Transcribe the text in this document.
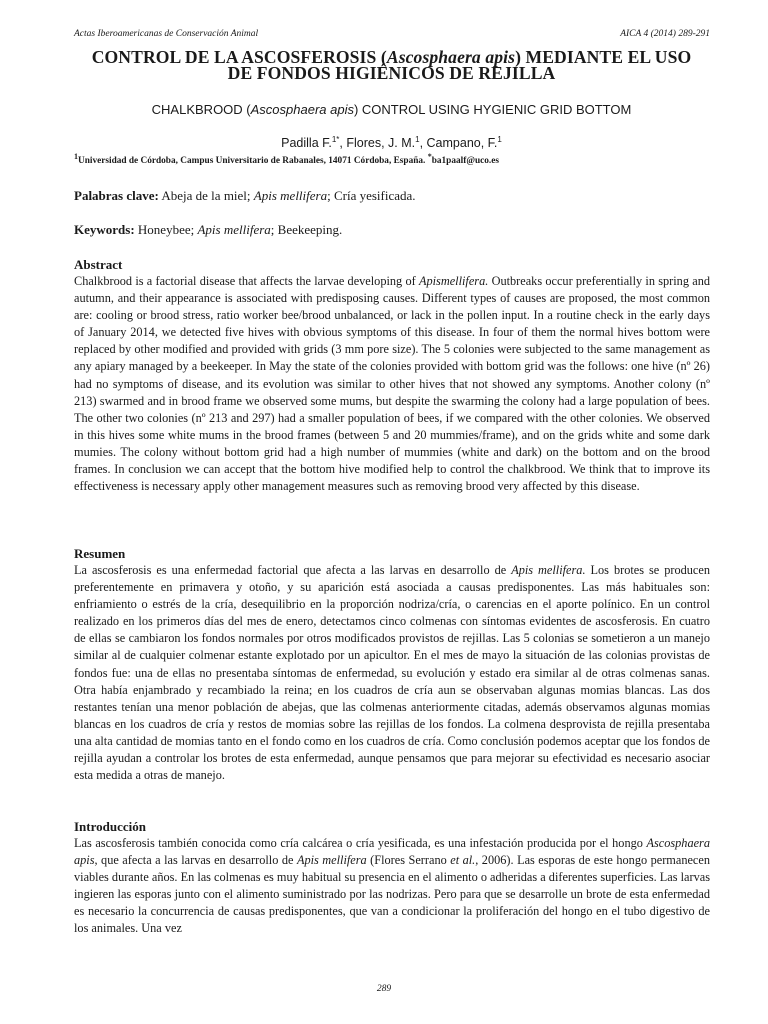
Actas Iberoamericanas de Conservación Animal	AICA 4 (2014) 289-291
CONTROL DE LA ASCOSFEROSIS (Ascosphaera apis) MEDIANTE EL USO
DE FONDOS HIGIÉNICOS DE REJILLA
CHALKBROOD (Ascosphaera apis) CONTROL USING HYGIENIC GRID BOTTOM
Padilla F.$^{1*}$, Flores, J. M.$^1$, Campano, F.$^1$
$^1$Universidad de Córdoba, Campus Universitario de Rabanales, 14071 Córdoba, España. *ba1paalf@uco.es
Palabras clave: Abeja de la miel; Apis mellifera; Cría yesificada.
Keywords: Honeybee; Apis mellifera; Beekeeping.
Abstract

Chalkbrood is a factorial disease that affects the larvae developing of Apismellifera. Outbreaks occur preferentially in spring and autumn, and their appearance is associated with predisposing causes. Different types of causes are proposed, the most common are: cooling or brood stress, ratio worker bee/brood unbalanced, or lack in the pollen input. In a routine check in the early days of January 2014, we detected five hives with obvious symptoms of this disease. In four of them the normal hives bottom were replaced by other modified and provided with grids (3 mm pore size). The 5 colonies were subjected to the same management as any apiary managed by a beekeeper. In May the state of the colonies provided with bottom grid was the follows: one hive (nº 26) had no symptoms of disease, and its evolution was similar to other hives that not showed any symptoms. Another colony (nº 213) swarmed and in brood frame we observed some mums, but despite the swarming the colony had a large population of bees. The other two colonies (nº 213 and 297) had a smaller population of bees, if we compared with the other colonies. We observed in this hives some white mums in the brood frames (between 5 and 20 mummies/frame), and on the grids white and some dark mumies. The colony without bottom grid had a high number of mummies (white and dark) on the bottom and on the brood frames. In conclusion we can accept that the bottom hive modified help to control the chalkbrood. We think that to improve its effectiveness is necessary apply other management measures such as removing brood very affected by this disease.

Resumen

La ascosferosis es una enfermedad factorial que afecta a las larvas en desarrollo de Apis mellifera. Los brotes se producen preferentemente en primavera y otoño, y su aparición está asociada a causas predisponentes. Las más habituales son: enfriamiento o estrés de la cría, desequilibrio en la proporción nodriza/cría, o carencias en el aporte polínico. En un control realizado en los primeros días del mes de enero, detectamos cinco colmenas con síntomas evidentes de ascosferosis. En cuatro de ellas se cambiaron los fondos normales por otros modificados provistos de rejillas. Las 5 colonias se sometieron a un manejo similar al de cualquier colmenar estante explotado por un apicultor. En el mes de mayo la situación de las colonias provistas de fondos fue: una de ellas no presentaba síntomas de enfermedad, su evolución y estado era similar al de otras colmenas sanas. Otra había enjambrado y recambiado la reina; en los cuadros de cría aun se observaban algunas momias blancas. Las dos restantes tenían una menor población de abejas, que las colmenas anteriormente citadas, además observamos algunas momias blancas en los cuadros de cría y restos de momias sobre las rejillas de los fondos. La colmena desprovista de rejilla presentaba una alta cantidad de momias tanto en el fondo como en los cuadros de cría. Como conclusión podemos aceptar que los fondos de rejilla ayudan a controlar los brotes de esta enfermedad, aunque pensamos que para mejorar su efectividad es necesario asociar esta medida a otras de manejo.

Introducción

Las ascosferosis también conocida como cría calcárea o cría yesificada, es una infestación producida por el hongo Ascosphaera apis, que afecta a las larvas en desarrollo de Apis mellifera (Flores Serrano et al., 2006). Las esporas de este hongo permanecen viables durante años. En las colmenas es muy habitual su presencia en el alimento o adheridas a diferentes superficies. Las larvas ingieren las esporas junto con el alimento suministrado por las nodrizas. Pero para que se desarrolle un brote de esta enfermedad es necesario la concurrencia de causas predisponentes, que van a condicionar la proliferación del hongo en el tubo digestivo de los animales. Una vez

289
